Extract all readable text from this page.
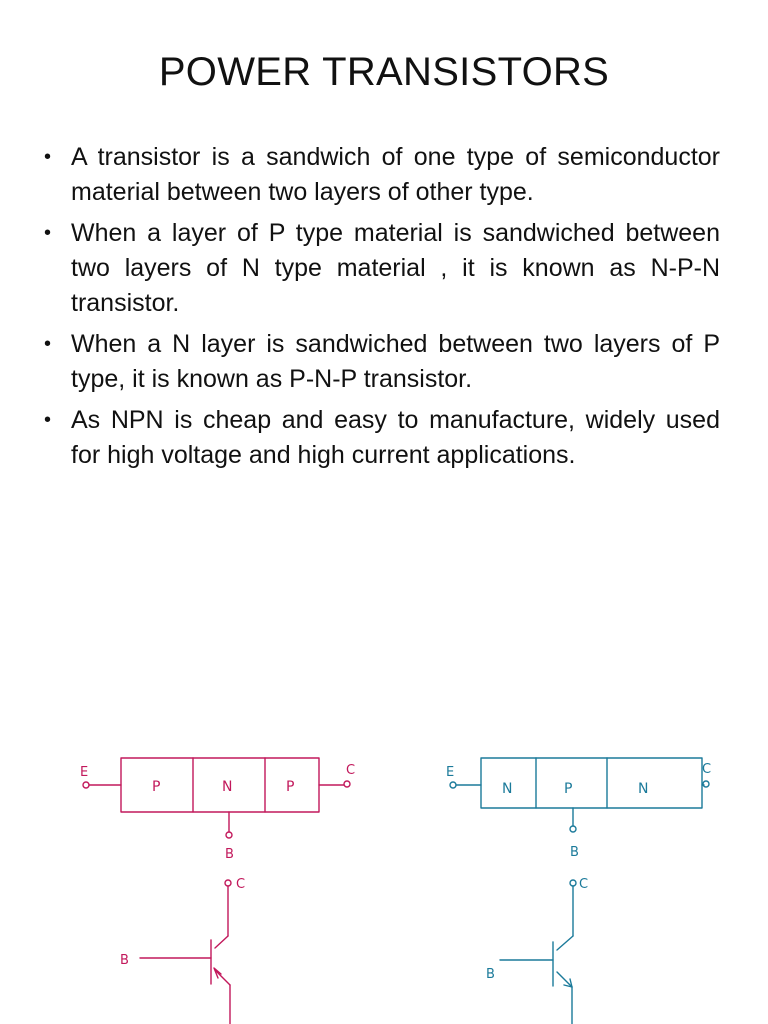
POWER TRANSISTORS
• A transistor is a sandwich of one type of semiconductor material between two layers of other type.
• When a layer of P type material is sandwiched between two layers of N type material , it is known as N-P-N transistor.
• When a N layer is sandwiched between two layers of P type, it is known as P-N-P transistor.
• As NPN is cheap and easy to manufacture, widely used for high voltage and high current applications.
E	C
B
P	N	P
C
B
E	C
B
N	P	N
C
B
